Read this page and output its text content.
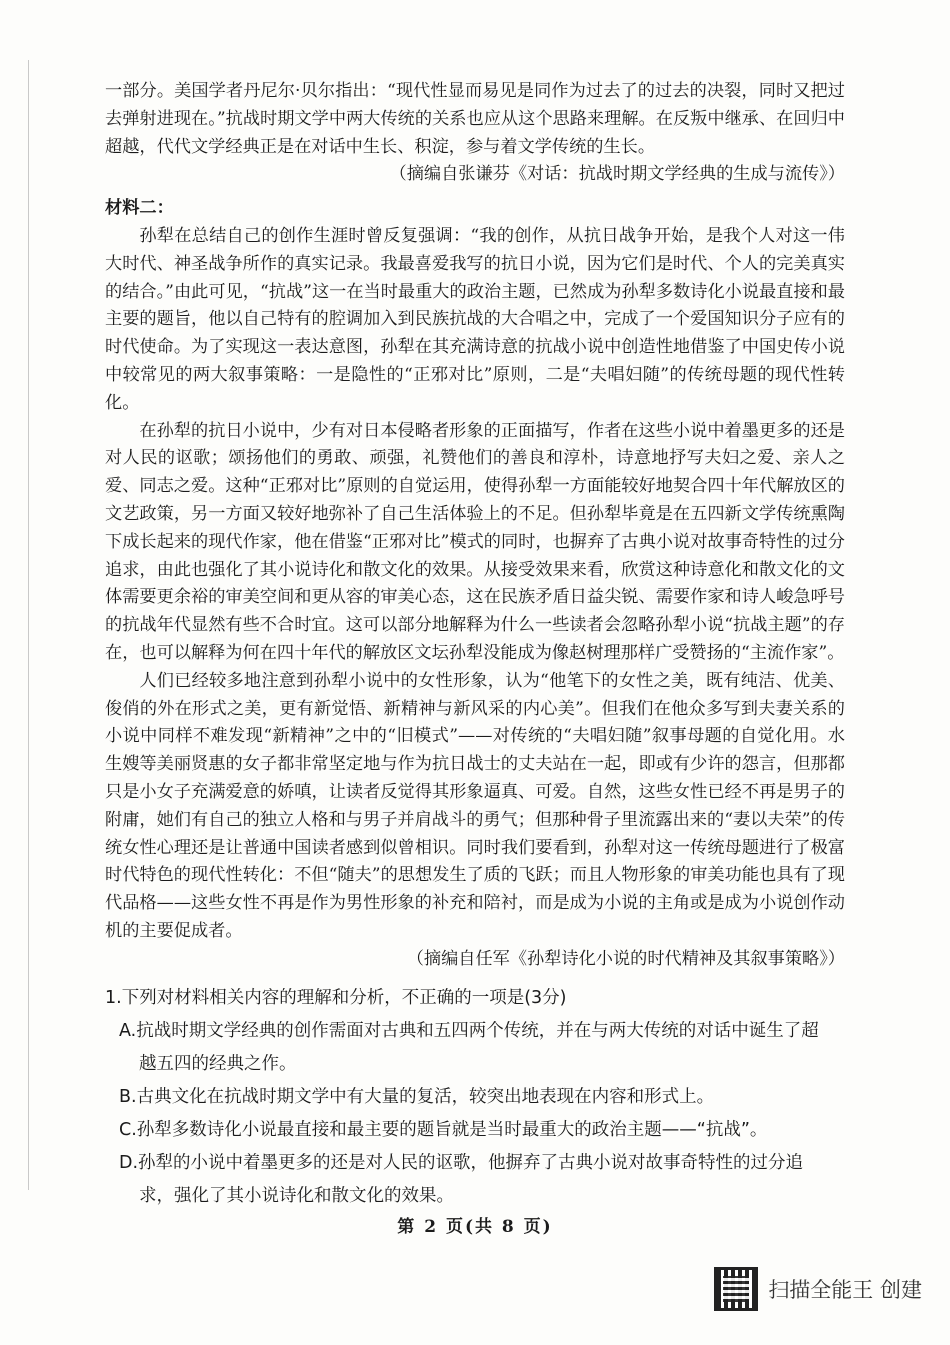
一部分。美国学者丹尼尔·贝尔指出：“现代性显而易见是同作为过去了的过去的决裂，同时又把过去弹射进现在。”抗战时期文学中两大传统的关系也应从这个思路来理解。在反叛中继承、在回归中超越，代代文学经典正是在对话中生长、积淀，参与着文学传统的生长。

（摘编自张谦芬《对话：抗战时期文学经典的生成与流传》）

材料二：

孙犁在总结自己的创作生涯时曾反复强调：“我的创作，从抗日战争开始，是我个人对这一伟大时代、神圣战争所作的真实记录。我最喜爱我写的抗日小说，因为它们是时代、个人的完美真实的结合。”由此可见，“抗战”这一在当时最重大的政治主题，已然成为孙犁多数诗化小说最直接和最主要的题旨，他以自己特有的腔调加入到民族抗战的大合唱之中，完成了一个爱国知识分子应有的时代使命。为了实现这一表达意图，孙犁在其充满诗意的抗战小说中创造性地借鉴了中国史传小说中较常见的两大叙事策略：一是隐性的“正邪对比”原则，二是“夫唱妇随”的传统母题的现代性转化。

在孙犁的抗日小说中，少有对日本侵略者形象的正面描写，作者在这些小说中着墨更多的还是对人民的讴歌；颂扬他们的勇敢、顽强，礼赞他们的善良和淳朴，诗意地抒写夫妇之爱、亲人之爱、同志之爱。这种“正邪对比”原则的自觉运用，使得孙犁一方面能较好地契合四十年代解放区的文艺政策，另一方面又较好地弥补了自己生活体验上的不足。但孙犁毕竟是在五四新文学传统熏陶下成长起来的现代作家，他在借鉴“正邪对比”模式的同时，也摒弃了古典小说对故事奇特性的过分追求，由此也强化了其小说诗化和散文化的效果。从接受效果来看，欣赏这种诗意化和散文化的文体需要更余裕的审美空间和更从容的审美心态，这在民族矛盾日益尖锐、需要作家和诗人峻急呼号的抗战年代显然有些不合时宜。这可以部分地解释为什么一些读者会忽略孙犁小说“抗战主题”的存在，也可以解释为何在四十年代的解放区文坛孙犁没能成为像赵树理那样广受赞扬的“主流作家”。

人们已经较多地注意到孙犁小说中的女性形象，认为“他笔下的女性之美，既有纯洁、优美、俊俏的外在形式之美，更有新觉悟、新精神与新风采的内心美”。但我们在他众多写到夫妻关系的小说中同样不难发现“新精神”之中的“旧模式”——对传统的“夫唱妇随”叙事母题的自觉化用。水生嫂等美丽贤惠的女子都非常坚定地与作为抗日战士的丈夫站在一起，即或有少许的怨言，但那都只是小女子充满爱意的娇嗔，让读者反觉得其形象逼真、可爱。自然，这些女性已经不再是男子的附庸，她们有自己的独立人格和与男子并肩战斗的勇气；但那种骨子里流露出来的“妻以夫荣”的传统女性心理还是让普通中国读者感到似曾相识。同时我们要看到，孙犁对这一传统母题进行了极富时代特色的现代性转化：不但“随夫”的思想发生了质的飞跃；而且人物形象的审美功能也具有了现代品格——这些女性不再是作为男性形象的补充和陪衬，而是成为小说的主角或是成为小说创作动机的主要促成者。

（摘编自任军《孙犁诗化小说的时代精神及其叙事策略》）

1.下列对材料相关内容的理解和分析，不正确的一项是(3分)

A.抗战时期文学经典的创作需面对古典和五四两个传统，并在与两大传统的对话中诞生了超
越五四的经典之作。

B.古典文化在抗战时期文学中有大量的复活，较突出地表现在内容和形式上。

C.孙犁多数诗化小说最直接和最主要的题旨就是当时最重大的政治主题——“抗战”。

D.孙犁的小说中着墨更多的还是对人民的讴歌，他摒弃了古典小说对故事奇特性的过分追
求，强化了其小说诗化和散文化的效果。

第 2 页(共 8 页)
扫描全能王 创建
